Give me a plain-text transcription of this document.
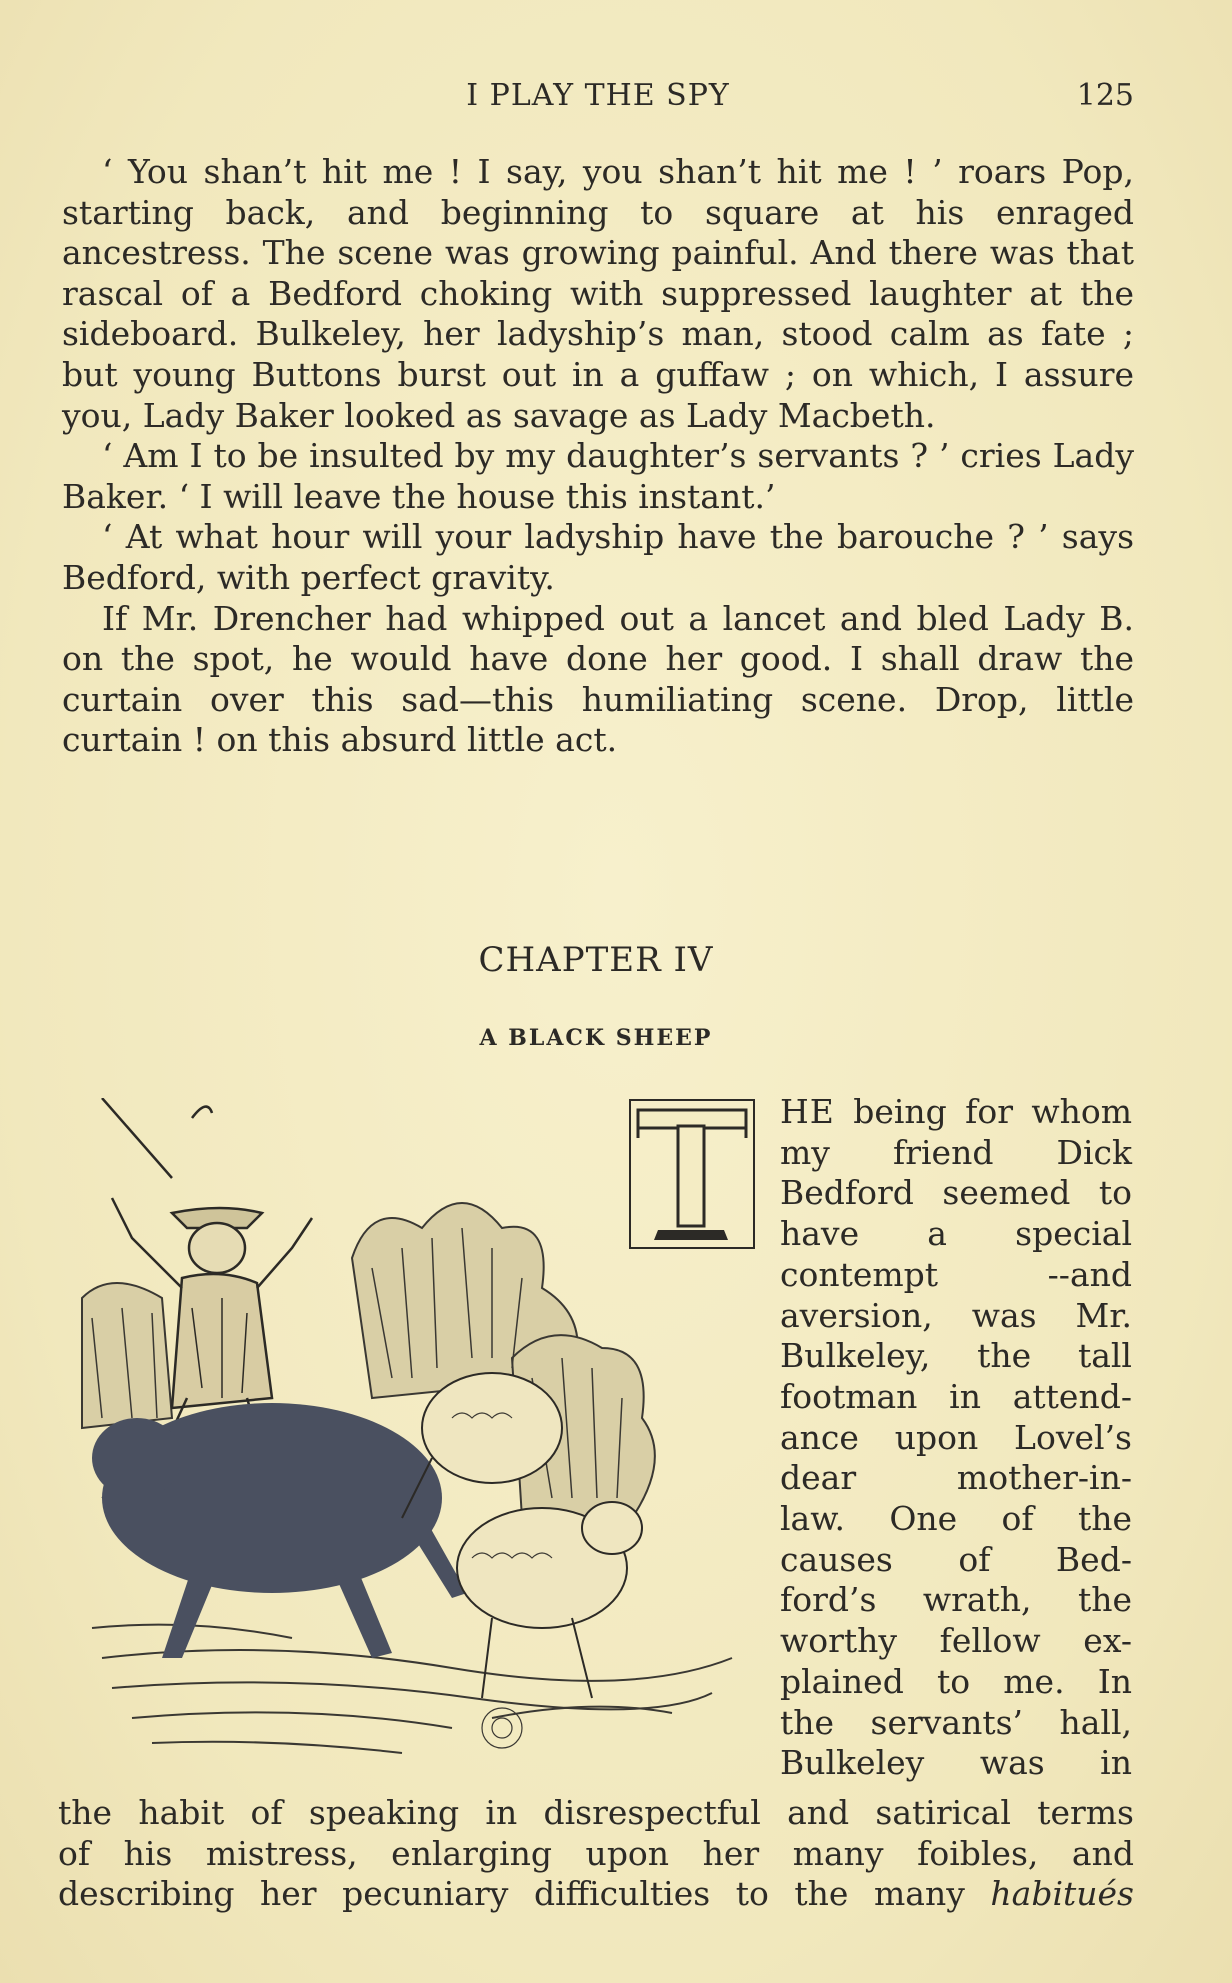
I PLAY THE SPY	125

‘ You shan’t hit me ! I say, you shan’t hit me ! ’ roars Pop, starting back, and beginning to square at his enraged ancestress. The scene was growing painful. And there was that rascal of a Bedford choking with suppressed laughter at the sideboard. Bulkeley, her ladyship’s man, stood calm as fate ; but young Buttons burst out in a guffaw ; on which, I assure you, Lady Baker looked as savage as Lady Macbeth.

‘ Am I to be insulted by my daughter’s servants ? ’ cries Lady Baker. ‘ I will leave the house this instant.’

‘ At what hour will your ladyship have the barouche ? ’ says Bedford, with perfect gravity.

If Mr. Drencher had whipped out a lancet and bled Lady B. on the spot, he would have done her good. I shall draw the curtain over this sad—this humiliating scene. Drop, little curtain ! on this absurd little act.

CHAPTER IV
A BLACK SHEEP
T	HE being for whom
my friend Dick
Bedford seemed to
have a special
contempt --and
aversion, was Mr.
Bulkeley, the tall
footman in attend-
ance upon Lovel’s
dear mother-in-
law. One of the
causes of Bed-
ford’s wrath, the
worthy fellow ex-
plained to me. In
the servants’ hall,
Bulkeley was in
the habit of speaking in disrespectful and satirical terms
of his mistress, enlarging upon her many foibles, and
describing her pecuniary difficulties to the many habitués
